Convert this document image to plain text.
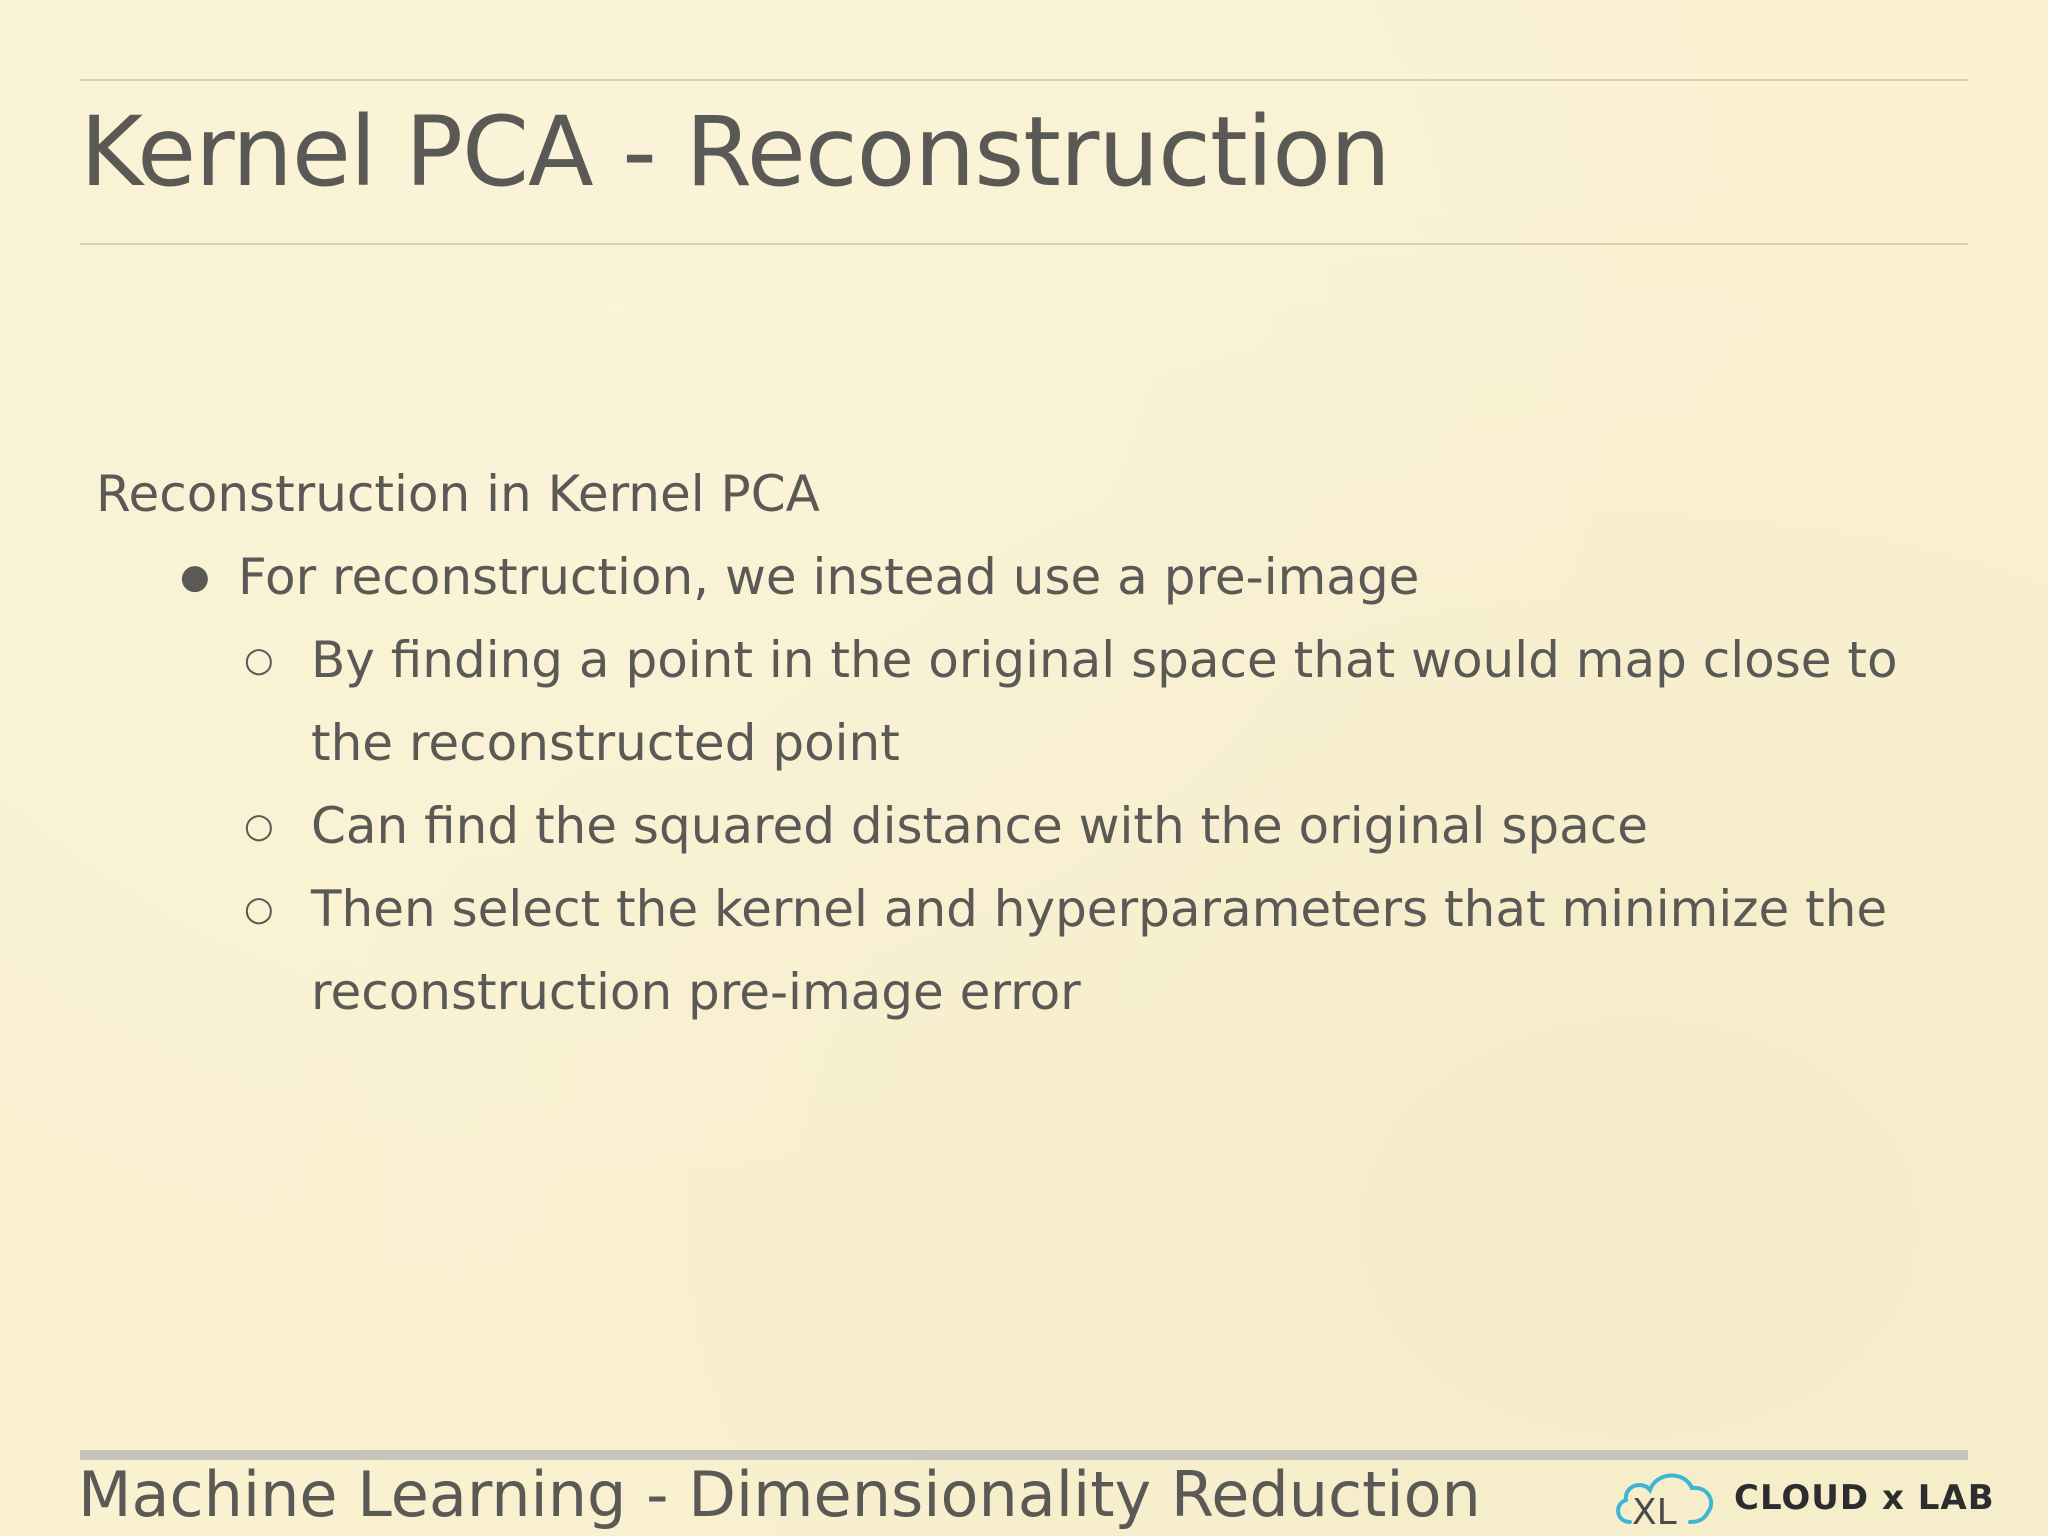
Kernel PCA - Reconstruction
Reconstruction in Kernel PCA
● For reconstruction, we instead use a pre-image
○ By finding a point in the original space that would map close to the reconstructed point
○ Can find the squared distance with the original space
○ Then select the kernel and hyperparameters that minimize the reconstruction pre-image error
Machine Learning - Dimensionality Reduction	XL CLOUD x LAB
